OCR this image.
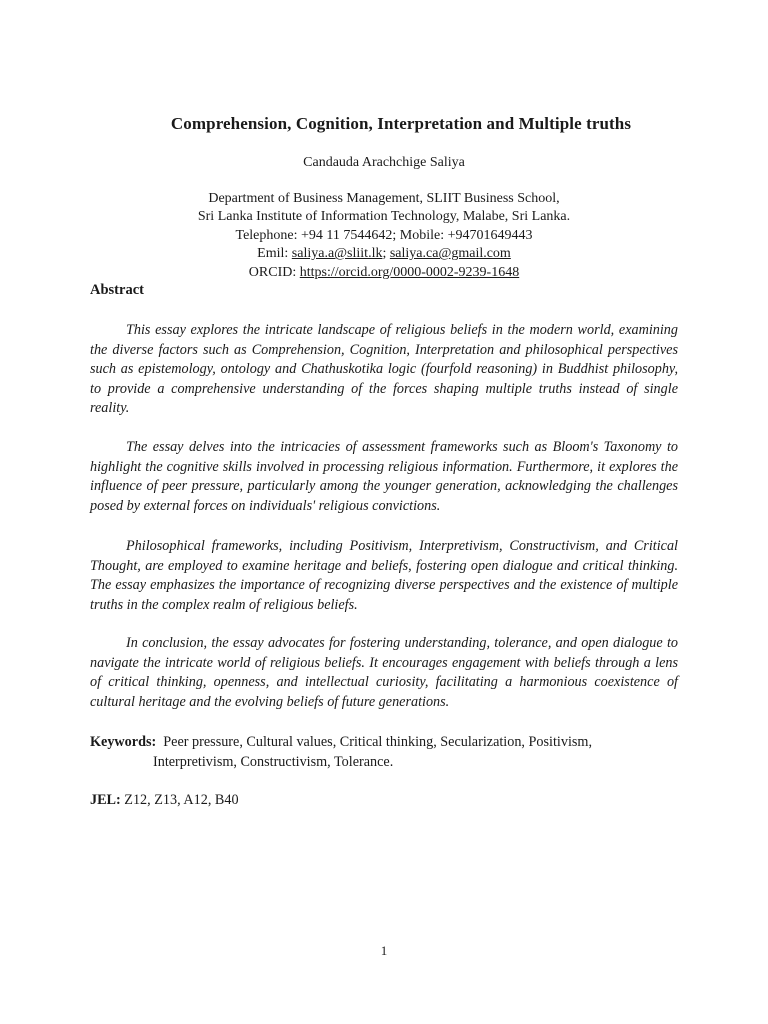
Comprehension, Cognition, Interpretation and Multiple truths
Candauda Arachchige Saliya
Department of Business Management, SLIIT Business School,
Sri Lanka Institute of Information Technology, Malabe, Sri Lanka.
Telephone: +94 11 7544642; Mobile: +94701649443
Emil: saliya.a@sliit.lk; saliya.ca@gmail.com
ORCID: https://orcid.org/0000-0002-9239-1648
Abstract

This essay explores the intricate landscape of religious beliefs in the modern world, examining the diverse factors such as Comprehension, Cognition, Interpretation and philosophical perspectives such as epistemology, ontology and Chathuskotika logic (fourfold reasoning) in Buddhist philosophy, to provide a comprehensive understanding of the forces shaping multiple truths instead of single reality.

The essay delves into the intricacies of assessment frameworks such as Bloom's Taxonomy to highlight the cognitive skills involved in processing religious information. Furthermore, it explores the influence of peer pressure, particularly among the younger generation, acknowledging the challenges posed by external forces on individuals' religious convictions.

Philosophical frameworks, including Positivism, Interpretivism, Constructivism, and Critical Thought, are employed to examine heritage and beliefs, fostering open dialogue and critical thinking. The essay emphasizes the importance of recognizing diverse perspectives and the existence of multiple truths in the complex realm of religious beliefs.

In conclusion, the essay advocates for fostering understanding, tolerance, and open dialogue to navigate the intricate world of religious beliefs. It encourages engagement with beliefs through a lens of critical thinking, openness, and intellectual curiosity, facilitating a harmonious coexistence of cultural heritage and the evolving beliefs of future generations.

Keywords: Peer pressure, Cultural values, Critical thinking, Secularization, Positivism,
Interpretivism, Constructivism, Tolerance.
JEL: Z12, Z13, A12, B40
1
